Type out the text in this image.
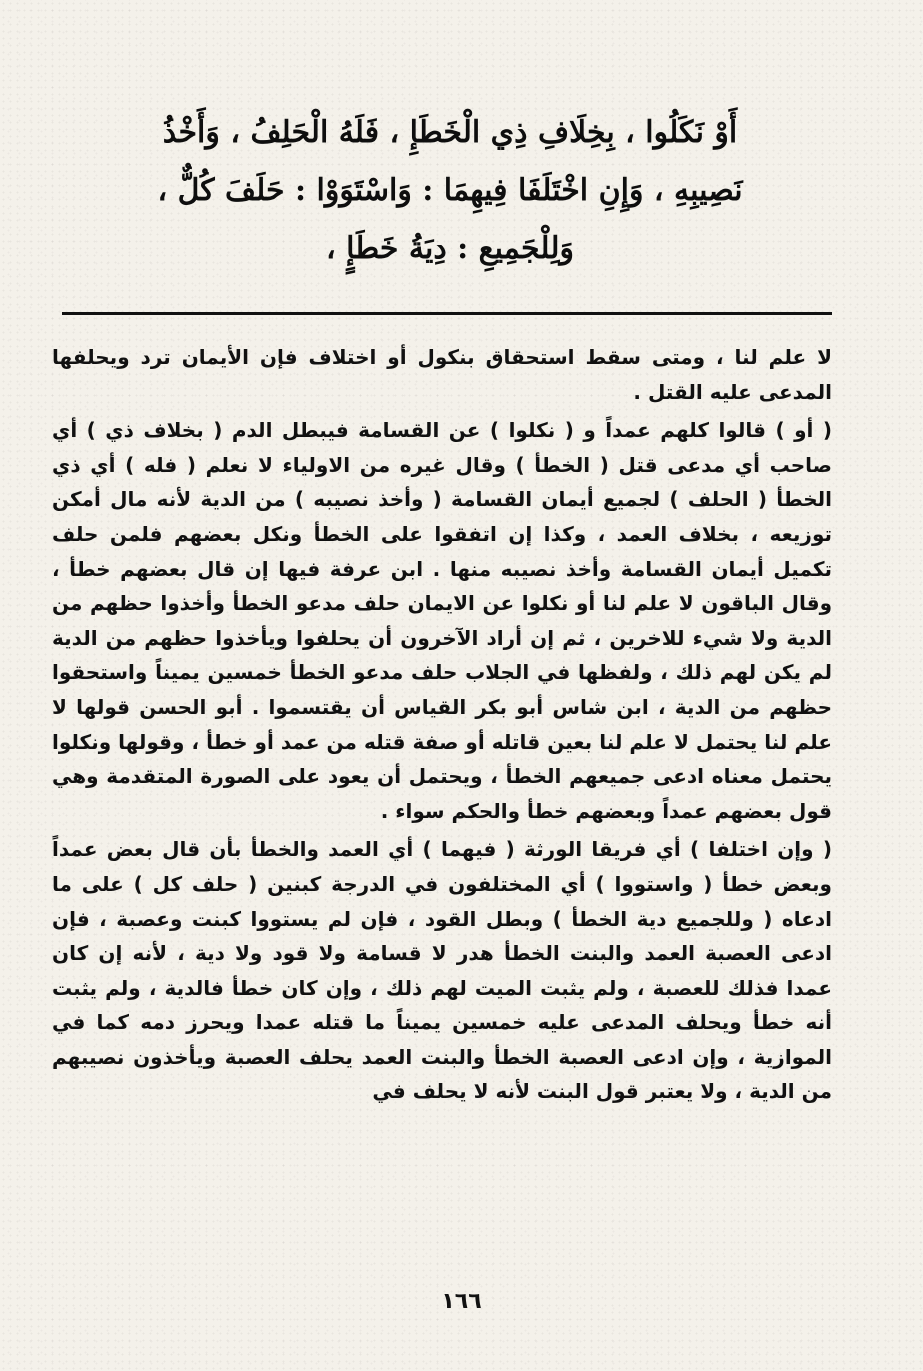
أَوْ نَكَلُوا ، بِخِلَافِ ذِي الْخَطَإِ ، فَلَهُ الْحَلِفُ ، وَأَخْذُ
نَصِيبِهِ ، وَإِنِ اخْتَلَفَا فِيهِمَا : وَاسْتَوَوْا : حَلَفَ كُلٌّ ،
وَلِلْجَمِيعِ : دِيَةُ خَطَإٍ ،

لا علم لنا ، ومتى سقط استحقاق بنكول أو اختلاف فإن الأيمان ترد ويحلفها المدعى عليه القتل .

( أو ) قالوا كلهم عمداً و ( نكلوا ) عن القسامة فيبطل الدم ( بخلاف ذي ) أي صاحب أي مدعى قتل ( الخطأ ) وقال غيره من الاولياء لا نعلم ( فله ) أي ذي الخطأ ( الحلف ) لجميع أيمان القسامة ( وأخذ نصيبه ) من الدية لأنه مال أمكن توزيعه ، بخلاف العمد ، وكذا إن اتفقوا على الخطأ ونكل بعضهم فلمن حلف تكميل أيمان القسامة وأخذ نصيبه منها . ابن عرفة فيها إن قال بعضهم خطأ ، وقال الباقون لا علم لنا أو نكلوا عن الايمان حلف مدعو الخطأ وأخذوا حظهم من الدية ولا شيء للاخرين ، ثم إن أراد الآخرون أن يحلفوا ويأخذوا حظهم من الدية لم يكن لهم ذلك ، ولفظها في الجلاب حلف مدعو الخطأ خمسين يميناً واستحقوا حظهم من الدية ، ابن شاس أبو بكر القياس أن يقتسموا . أبو الحسن قولها لا علم لنا يحتمل لا علم لنا بعين قاتله أو صفة قتله من عمد أو خطأ ، وقولها ونكلوا يحتمل معناه ادعى جميعهم الخطأ ، ويحتمل أن يعود على الصورة المتقدمة وهي قول بعضهم عمداً وبعضهم خطأ والحكم سواء .

( وإن اختلفا ) أي فريقا الورثة ( فيهما ) أي العمد والخطأ بأن قال بعض عمداً وبعض خطأ ( واستووا ) أي المختلفون في الدرجة كبنين ( حلف كل ) على ما ادعاه ( وللجميع دية الخطأ ) وبطل القود ، فإن لم يستووا كبنت وعصبة ، فإن ادعى العصبة العمد والبنت الخطأ هدر لا قسامة ولا قود ولا دية ، لأنه إن كان عمدا فذلك للعصبة ، ولم يثبت الميت لهم ذلك ، وإن كان خطأ فالدية ، ولم يثبت أنه خطأ ويحلف المدعى عليه خمسين يميناً ما قتله عمدا ويحرز دمه كما في الموازية ، وإن ادعى العصبة الخطأ والبنت العمد يحلف العصبة ويأخذون نصيبهم من الدية ، ولا يعتبر قول البنت لأنه لا يحلف في

١٦٦
